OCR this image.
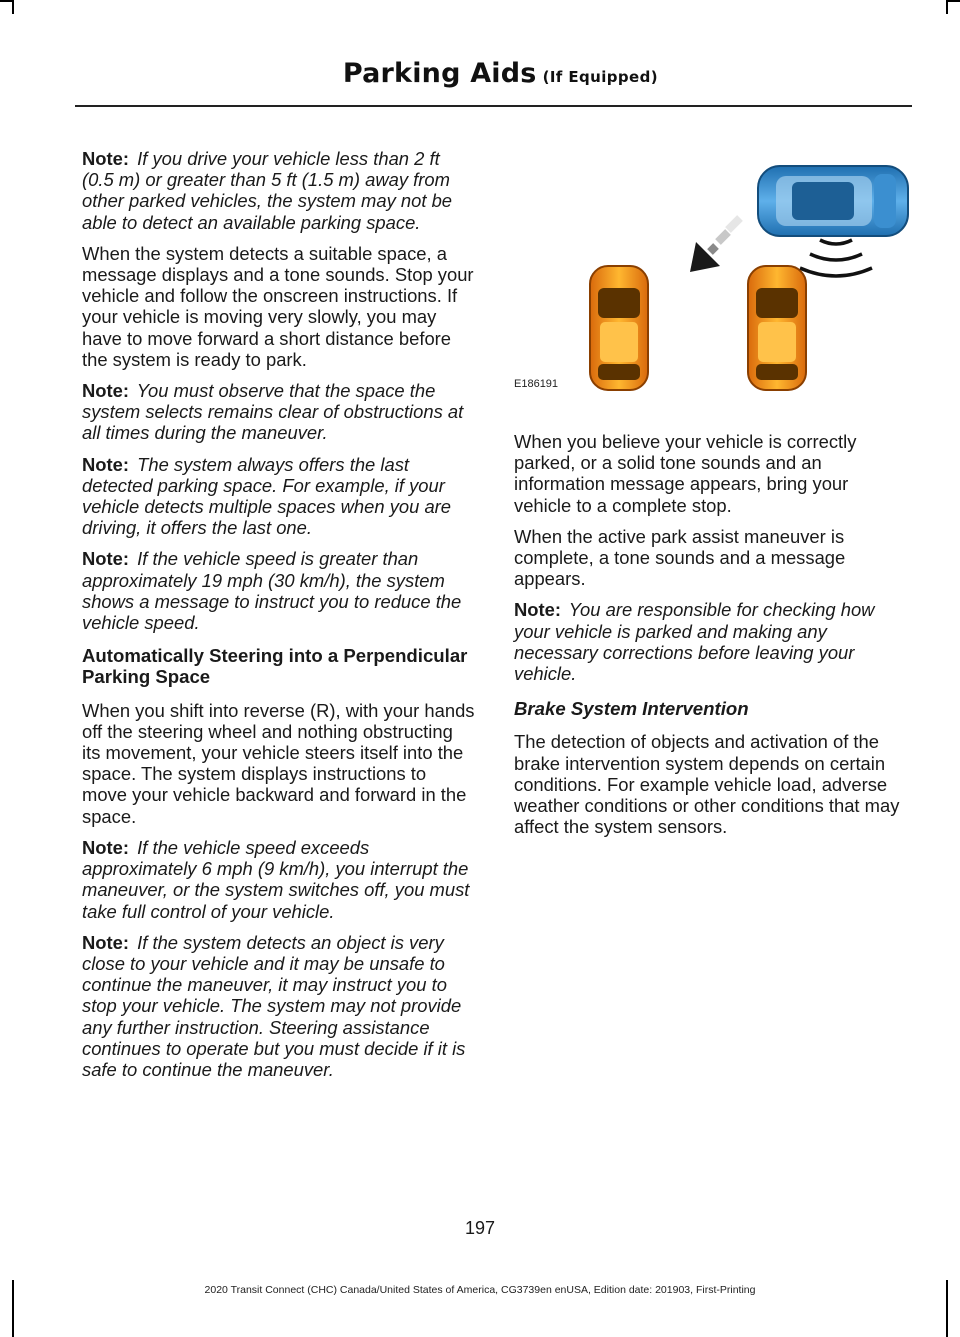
Parking Aids (If Equipped)

Note: If you drive your vehicle less than 2 ft (0.5 m) or greater than 5 ft (1.5 m) away from other parked vehicles, the system may not be able to detect an available parking space.

When the system detects a suitable space, a message displays and a tone sounds. Stop your vehicle and follow the onscreen instructions. If your vehicle is moving very slowly, you may have to move forward a short distance before the system is ready to park.

Note: You must observe that the space the system selects remains clear of obstructions at all times during the maneuver.

Note: The system always offers the last detected parking space. For example, if your vehicle detects multiple spaces when you are driving, it offers the last one.

Note: If the vehicle speed is greater than approximately 19 mph (30 km/h), the system shows a message to instruct you to reduce the vehicle speed.

Automatically Steering into a Perpendicular Parking Space

When you shift into reverse (R), with your hands off the steering wheel and nothing obstructing its movement, your vehicle steers itself into the space. The system displays instructions to move your vehicle backward and forward in the space.

Note: If the vehicle speed exceeds approximately 6 mph (9 km/h), you interrupt the maneuver, or the system switches off, you must take full control of your vehicle.

Note: If the system detects an object is very close to your vehicle and it may be unsafe to continue the maneuver, it may instruct you to stop your vehicle. The system may not provide any further instruction. Steering assistance continues to operate but you must decide if it is safe to continue the maneuver.

E186191

When you believe your vehicle is correctly parked, or a solid tone sounds and an information message appears, bring your vehicle to a complete stop.

When the active park assist maneuver is complete, a tone sounds and a message appears.

Note: You are responsible for checking how your vehicle is parked and making any necessary corrections before leaving your vehicle.

Brake System Intervention

The detection of objects and activation of the brake intervention system depends on certain conditions. For example vehicle load, adverse weather conditions or other conditions that may affect the system sensors.

197
2020 Transit Connect (CHC) Canada/United States of America, CG3739en enUSA, Edition date: 201903, First-Printing
